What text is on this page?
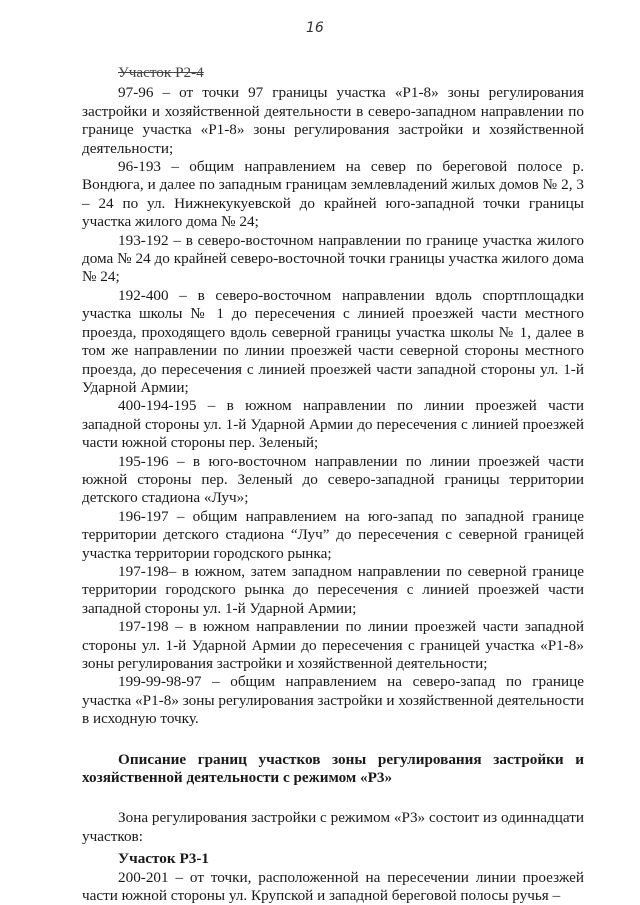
16

Участок Р2-4

97-96 – от точки 97 границы участка «Р1-8» зоны регулирования застройки и хозяйственной деятельности в северо-западном направлении по границе участка «Р1-8» зоны регулирования застройки и хозяйственной деятельности;

96-193 – общим направлением на север по береговой полосе р. Вондюга, и далее по западным границам землевладений жилых домов № 2, 3 – 24 по ул. Нижнекукуевской до крайней юго-западной точки границы участка жилого дома № 24;

193-192 – в северо-восточном направлении по границе участка жилого дома № 24 до крайней северо-восточной точки границы участка жилого дома № 24;

192-400 – в северо-восточном направлении вдоль спортплощадки участка школы № 1 до пересечения с линией проезжей части местного проезда, проходящего вдоль северной границы участка школы № 1, далее в том же направлении по линии проезжей части северной стороны местного проезда, до пересечения с линией проезжей части западной стороны ул. 1-й Ударной Армии;

400-194-195 – в южном направлении по линии проезжей части западной стороны ул. 1-й Ударной Армии до пересечения с линией проезжей части южной стороны пер. Зеленый;

195-196 – в юго-восточном направлении по линии проезжей части южной стороны пер. Зеленый до северо-западной границы территории детского стадиона «Луч»;

196-197 – общим направлением на юго-запад по западной границе территории детского стадиона “Луч” до пересечения с северной границей участка территории городского рынка;

197-198– в южном, затем западном направлении по северной границе территории городского рынка до пересечения с линией проезжей части западной стороны ул. 1-й Ударной Армии;

197-198 – в южном направлении по линии проезжей части западной стороны ул. 1-й Ударной Армии до пересечения с границей участка «Р1-8» зоны регулирования застройки и хозяйственной деятельности;

199-99-98-97 – общим направлением на северо-запад по границе участка «Р1-8» зоны регулирования застройки и хозяйственной деятельности в исходную точку.

Описание границ участков зоны регулирования застройки и хозяйственной деятельности с режимом «Р3»

Зона регулирования застройки с режимом «Р3» состоит из одиннадцати участков:

Участок Р3-1

200-201 – от точки, расположенной на пересечении линии проезжей части южной стороны ул. Крупской и западной береговой полосы ручья –
